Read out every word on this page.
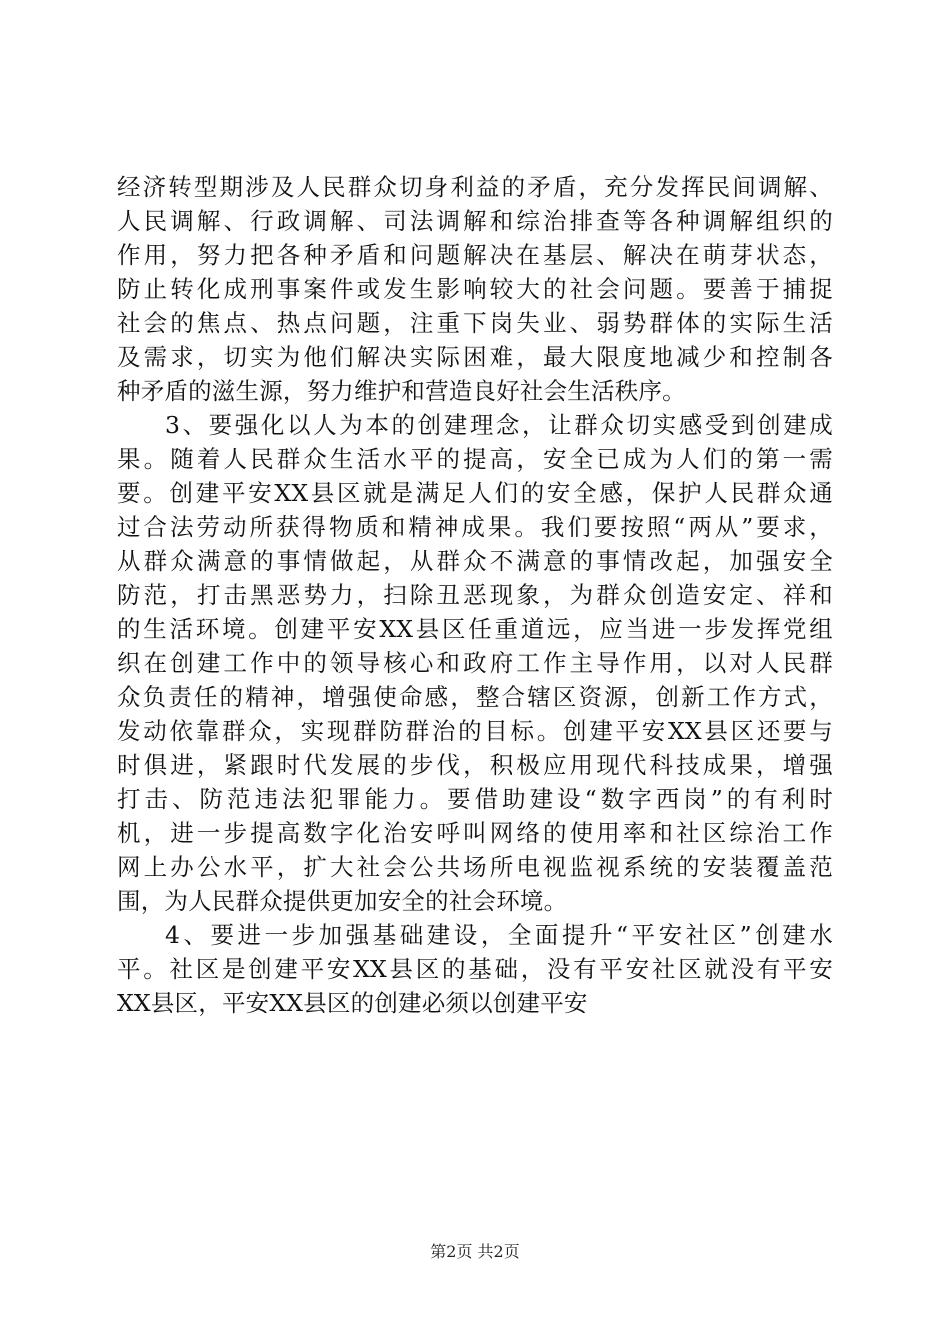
经济转型期涉及人民群众切身利益的矛盾，充分发挥民间调解、
人民调解、行政调解、司法调解和综治排查等各种调解组织的
作用，努力把各种矛盾和问题解决在基层、解决在萌芽状态，
防止转化成刑事案件或发生影响较大的社会问题。要善于捕捉
社会的焦点、热点问题，注重下岗失业、弱势群体的实际生活
及需求，切实为他们解决实际困难，最大限度地减少和控制各
种矛盾的滋生源，努力维护和营造良好社会生活秩序。
3、要强化以人为本的创建理念，让群众切实感受到创建成
果。随着人民群众生活水平的提高，安全已成为人们的第一需
要。创建平安XX县区就是满足人们的安全感，保护人民群众通
过合法劳动所获得物质和精神成果。我们要按照“两从”要求，
从群众满意的事情做起，从群众不满意的事情改起，加强安全
防范，打击黑恶势力，扫除丑恶现象，为群众创造安定、祥和
的生活环境。创建平安XX县区任重道远，应当进一步发挥党组
织在创建工作中的领导核心和政府工作主导作用，以对人民群
众负责任的精神，增强使命感，整合辖区资源，创新工作方式，
发动依靠群众，实现群防群治的目标。创建平安XX县区还要与
时俱进，紧跟时代发展的步伐，积极应用现代科技成果，增强
打击、防范违法犯罪能力。要借助建设“数字西岗”的有利时
机，进一步提高数字化治安呼叫网络的使用率和社区综治工作
网上办公水平，扩大社会公共场所电视监视系统的安装覆盖范
围，为人民群众提供更加安全的社会环境。
4、要进一步加强基础建设，全面提升“平安社区”创建水
平。社区是创建平安XX县区的基础，没有平安社区就没有平安
XX县区，平安XX县区的创建必须以创建平安
第2页 共2页
